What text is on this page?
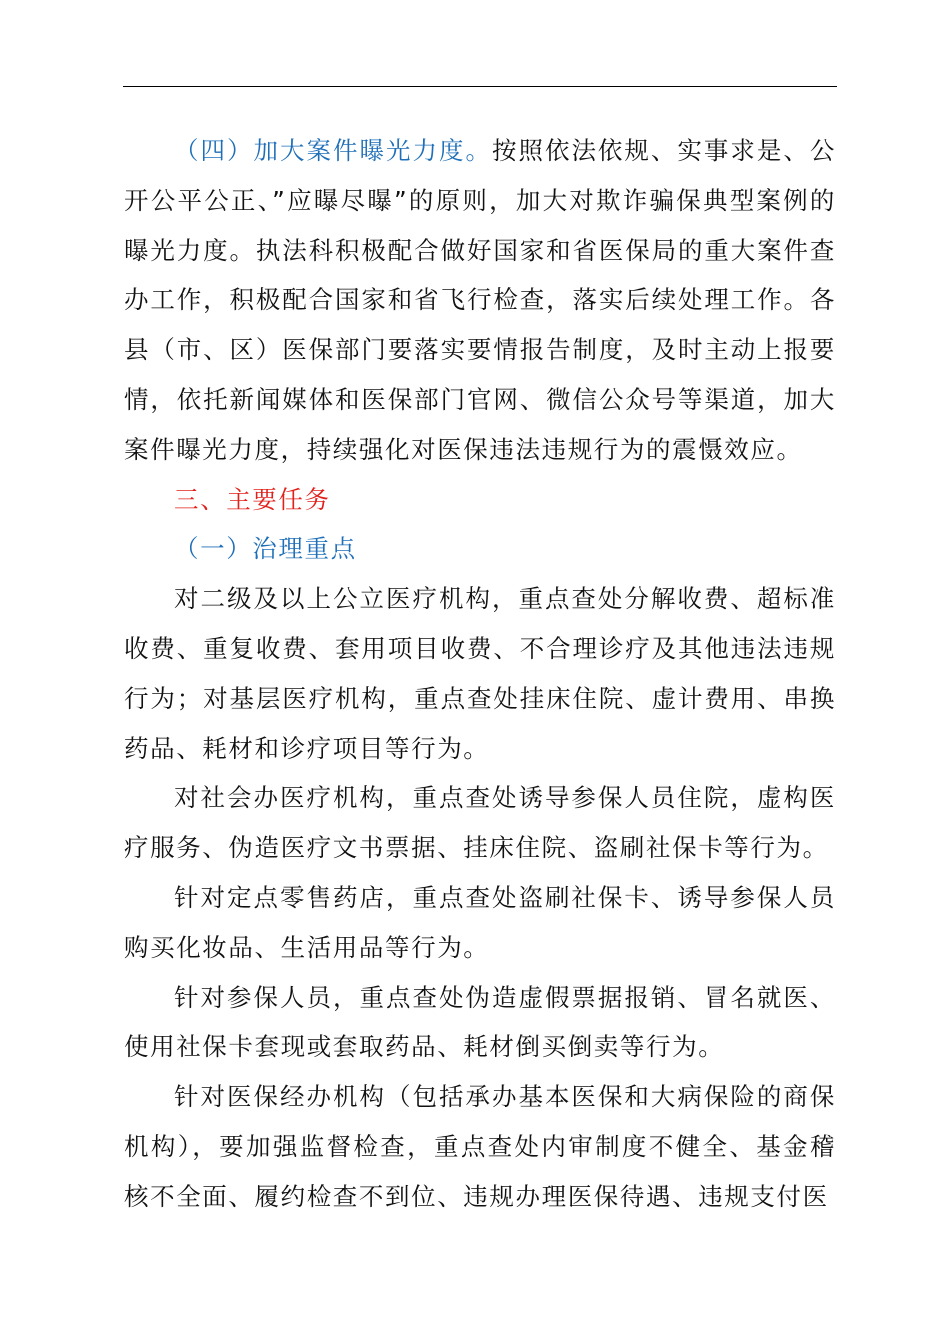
（四）加大案件曝光力度。按照依法依规、实事求是、公开公平公正、”应曝尽曝”的原则，加大对欺诈骗保典型案例的曝光力度。执法科积极配合做好国家和省医保局的重大案件查办工作，积极配合国家和省飞行检查，落实后续处理工作。各县（市、区）医保部门要落实要情报告制度，及时主动上报要情，依托新闻媒体和医保部门官网、微信公众号等渠道，加大案件曝光力度，持续强化对医保违法违规行为的震慑效应。

三、主要任务

（一）治理重点

对二级及以上公立医疗机构，重点查处分解收费、超标准收费、重复收费、套用项目收费、不合理诊疗及其他违法违规行为；对基层医疗机构，重点查处挂床住院、虚计费用、串换药品、耗材和诊疗项目等行为。

对社会办医疗机构，重点查处诱导参保人员住院，虚构医疗服务、伪造医疗文书票据、挂床住院、盗刷社保卡等行为。

针对定点零售药店，重点查处盗刷社保卡、诱导参保人员购买化妆品、生活用品等行为。

针对参保人员，重点查处伪造虚假票据报销、冒名就医、使用社保卡套现或套取药品、耗材倒买倒卖等行为。

针对医保经办机构（包括承办基本医保和大病保险的商保机构），要加强监督检查，重点查处内审制度不健全、基金稽核不全面、履约检查不到位、违规办理医保待遇、违规支付医
